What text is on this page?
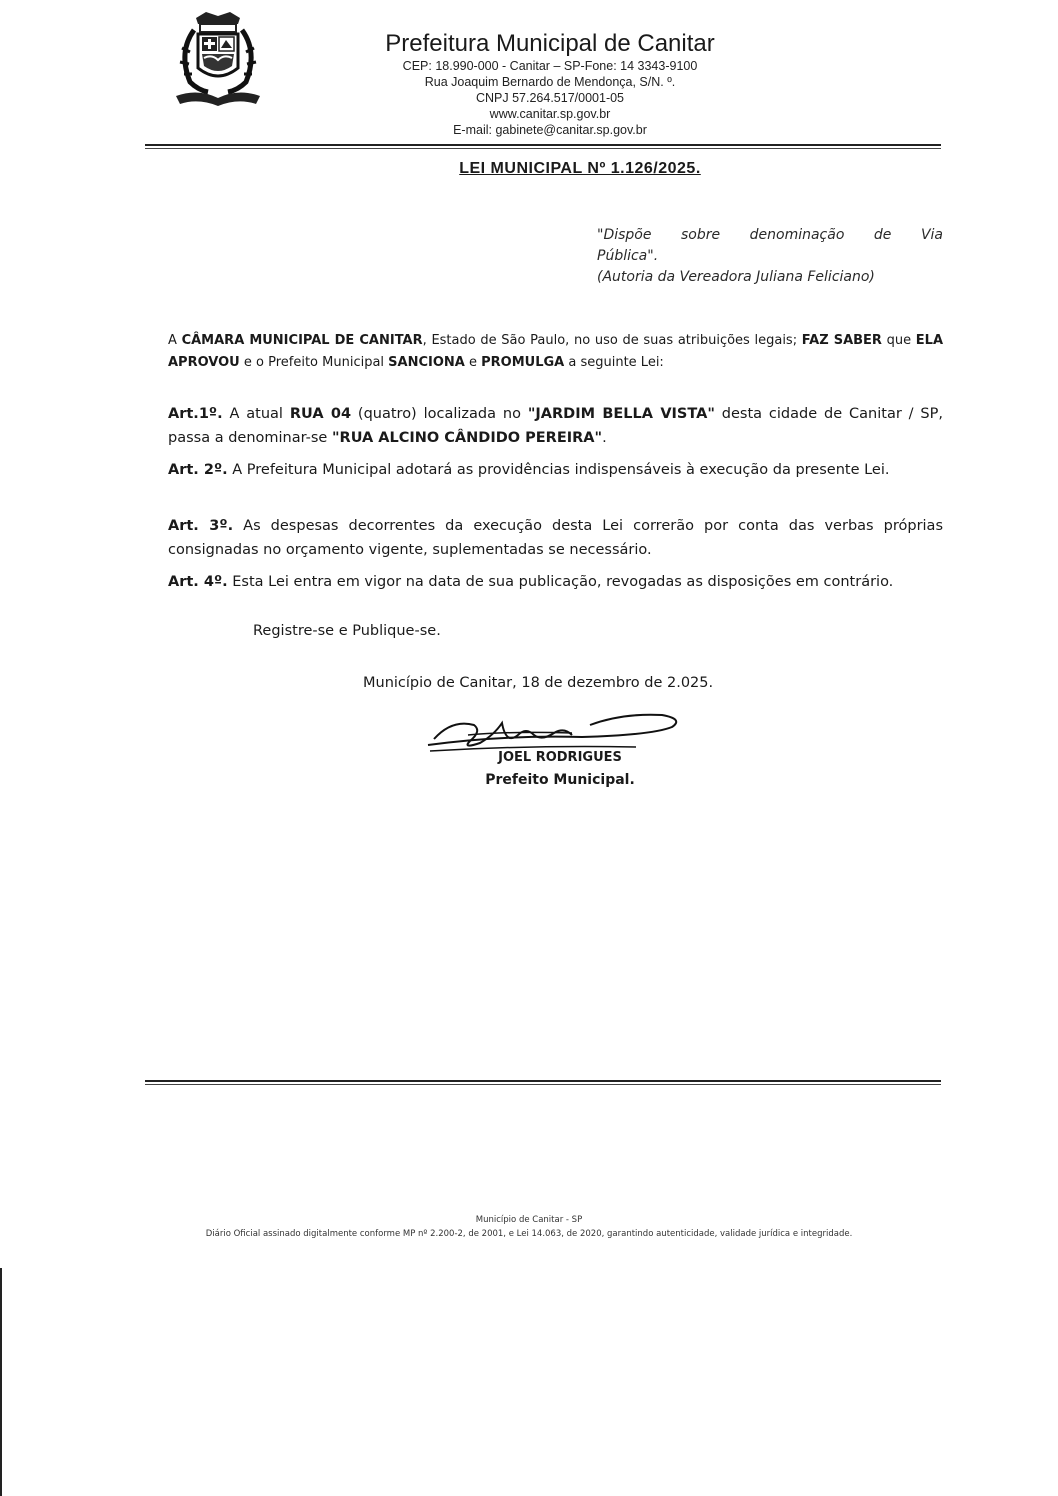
Prefeitura Municipal de Canitar
CEP: 18.990-000 - Canitar – SP-Fone: 14 3343-9100
Rua Joaquim Bernardo de Mendonça, S/N. º.
CNPJ 57.264.517/0001-05
www.canitar.sp.gov.br
E-mail: gabinete@canitar.sp.gov.br
LEI MUNICIPAL Nº 1.126/2025.
"Dispõe sobre denominação de Via
Pública".
(Autoria da Vereadora Juliana Feliciano)
A CÂMARA MUNICIPAL DE CANITAR, Estado de São Paulo, no uso de suas atribuições legais; FAZ SABER que ELA APROVOU e o Prefeito Municipal SANCIONA e PROMULGA a seguinte Lei:
Art.1º. A atual RUA 04 (quatro) localizada no "JARDIM BELLA VISTA" desta cidade de Canitar / SP, passa a denominar-se "RUA ALCINO CÂNDIDO PEREIRA".
Art. 2º. A Prefeitura Municipal adotará as providências indispensáveis à execução da presente Lei.
Art. 3º. As despesas decorrentes da execução desta Lei correrão por conta das verbas próprias consignadas no orçamento vigente, suplementadas se necessário.
Art. 4º. Esta Lei entra em vigor na data de sua publicação, revogadas as disposições em contrário.
Registre-se e Publique-se.
Município de Canitar, 18 de dezembro de 2.025.
JOEL RODRIGUES
Prefeito Municipal.
Município de Canitar - SP
Diário Oficial assinado digitalmente conforme MP nº 2.200-2, de 2001, e Lei 14.063, de 2020, garantindo autenticidade, validade jurídica e integridade.
